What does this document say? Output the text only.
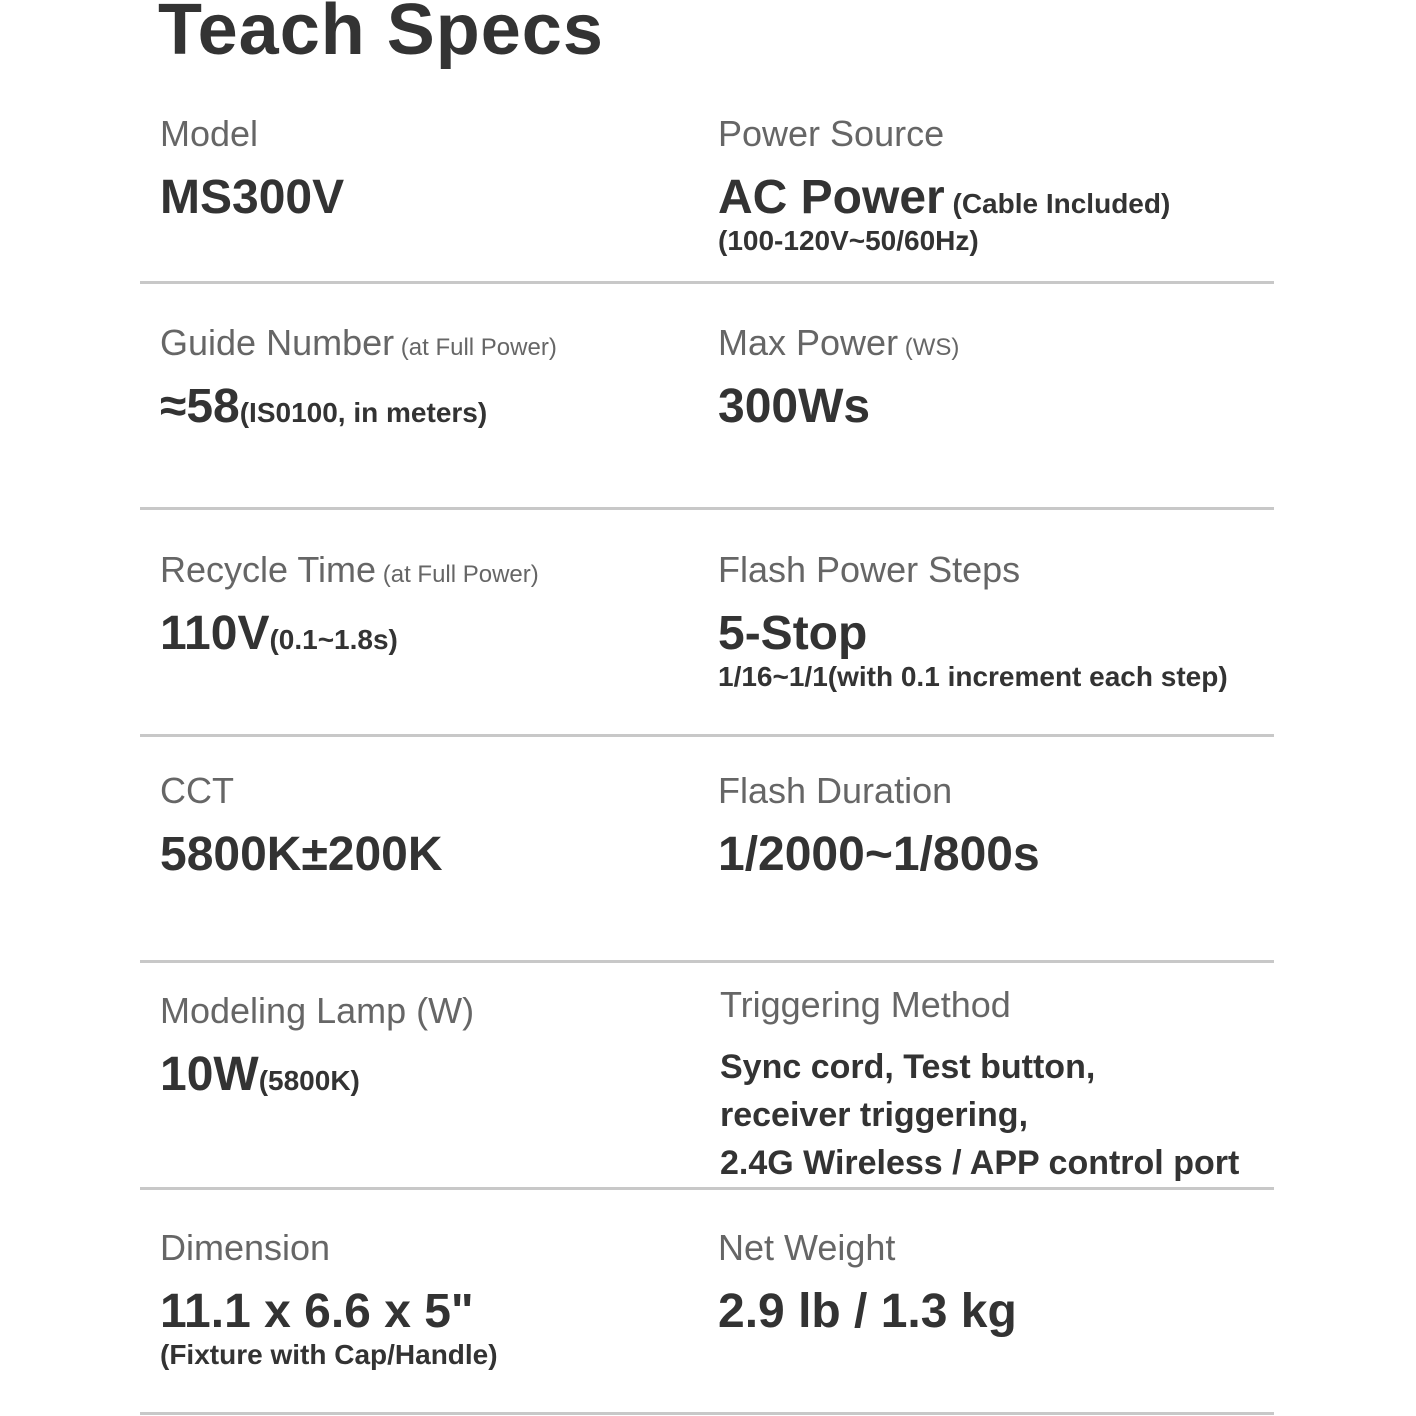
Teach Specs
Model
MS300V
Power Source
AC Power (Cable Included)
(100-120V~50/60Hz)
Guide Number (at Full Power)
≈58(IS0100, in meters)
Max Power (WS)
300Ws
Recycle Time (at Full Power)
110V(0.1~1.8s)
Flash Power Steps
5-Stop
1/16~1/1(with 0.1 increment each step)
CCT
5800K±200K
Flash Duration
1/2000~1/800s
Modeling Lamp (W)
10W(5800K)
Triggering Method
Sync cord, Test button,
receiver triggering,
2.4G Wireless / APP control port
Dimension
11.1 x 6.6 x 5"
(Fixture with Cap/Handle)
Net Weight
2.9 lb / 1.3 kg
